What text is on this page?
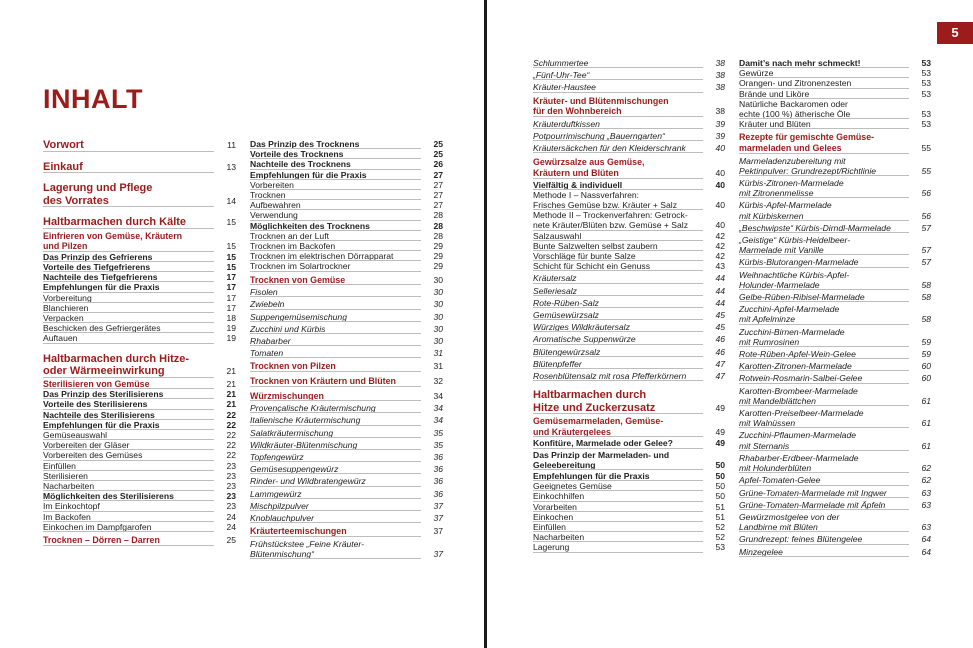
5
INHALT
Vorwort	11
Einkauf	13
Lagerung und Pflege
des Vorrates	14
Haltbarmachen durch Kälte	15
Einfrieren von Gemüse, Kräutern
und Pilzen	15
Das Prinzip des Gefrierens	15
Vorteile des Tiefgefrierens	15
Nachteile des Tiefgefrierens	17
Empfehlungen für die Praxis	17
Vorbereitung	17
Blanchieren	17
Verpacken	18
Beschicken des Gefriergerätes	19
Auftauen	19
Haltbarmachen durch Hitze-
oder Wärmeeinwirkung	21
Sterilisieren von Gemüse	21
Das Prinzip des Sterilisierens	21
Vorteile des Sterilisierens	21
Nachteile des Sterilisierens	22
Empfehlungen für die Praxis	22
Gemüseauswahl	22
Vorbereiten der Gläser	22
Vorbereiten des Gemüses	22
Einfüllen	23
Sterilisieren	23
Nacharbeiten	23
Möglichkeiten des Sterilisierens	23
Im Einkochtopf	23
Im Backofen	24
Einkochen im Dampfgarofen	24
Trocknen – Dörren – Darren	25
Das Prinzip des Trocknens	25
Vorteile des Trocknens	25
Nachteile des Trocknens	26
Empfehlungen für die Praxis	27
Vorbereiten	27
Trocknen	27
Aufbewahren	27
Verwendung	28
Möglichkeiten des Trocknens	28
Trocknen an der Luft	28
Trocknen im Backofen	29
Trocknen im elektrischen Dörrapparat	29
Trocknen im Solartrockner	29
Trocknen von Gemüse	30
Fisolen	30
Zwiebeln	30
Suppengemüsemischung	30
Zucchini und Kürbis	30
Rhabarber	30
Tomaten	31
Trocknen von Pilzen	31
Trocknen von Kräutern und Blüten	32
Würzmischungen	34
Provençalische Kräutermischung	34
Italienische Kräutermischung	34
Salatkräutermischung	35
Wildkräuter-Blütenmischung	35
Topfengewürz	36
Gemüsesuppengewürz	36
Rinder- und Wildbratengewürz	36
Lammgewürz	36
Mischpilzpulver	37
Knoblauchpulver	37
Kräuterteemischungen	37
Frühstückstee „Feine Kräuter-
Blütenmischung“	37
Schlummertee	38
„Fünf-Uhr-Tee“	38
Kräuter-Haustee	38
Kräuter- und Blütenmischungen
für den Wohnbereich	38
Kräuterduftkissen	39
Potpourrimischung „Bauerngarten“	39
Kräutersäckchen für den Kleiderschrank	40
Gewürzsalze aus Gemüse,
Kräutern und Blüten	40
Vielfältig & individuell	40
Methode I – Nassverfahren:
Frisches Gemüse bzw. Kräuter + Salz	40
Methode II – Trockenverfahren: Getrock-
nete Kräuter/Blüten bzw. Gemüse + Salz	40
Salzauswahl	42
Bunte Salzwelten selbst zaubern	42
Vorschläge für bunte Salze	42
Schicht für Schicht ein Genuss	43
Kräutersalz	44
Selleriesalz	44
Rote-Rüben-Salz	44
Gemüsewürzsalz	45
Würziges Wildkräutersalz	45
Aromatische Suppenwürze	46
Blütengewürzsalz	46
Blütenpfeffer	47
Rosenblütensalz mit rosa Pfefferkörnern	47
Haltbarmachen durch
Hitze und Zuckerzusatz	49
Gemüsemarmeladen, Gemüse-
und Kräutergelees	49
Konfitüre, Marmelade oder Gelee?	49
Das Prinzip der Marmeladen- und
Geleebereitung	50
Empfehlungen für die Praxis	50
Geeignetes Gemüse	50
Einkochhilfen	50
Vorarbeiten	51
Einkochen	51
Einfüllen	52
Nacharbeiten	52
Lagerung	53
Damit’s nach mehr schmeckt!	53
Gewürze	53
Orangen- und Zitronenzesten	53
Brände und Liköre	53
Natürliche Backaromen oder
echte (100 %) ätherische Öle	53
Kräuter und Blüten	53
Rezepte für gemischte Gemüse-
marmeladen und Gelees	55
Marmeladenzubereitung mit
Pektinpulver: Grundrezept/Richtlinie	55
Kürbis-Zitronen-Marmelade
mit Zitronenmelisse	56
Kürbis-Apfel-Marmelade
mit Kürbiskernen	56
„Beschwipste“ Kürbis-Dirndl-Marmelade	57
„Geistige“ Kürbis-Heidelbeer-
Marmelade mit Vanille	57
Kürbis-Blutorangen-Marmelade	57
Weihnachtliche Kürbis-Apfel-
Holunder-Marmelade	58
Gelbe-Rüben-Ribisel-Marmelade	58
Zucchini-Apfel-Marmelade
mit Apfelminze	58
Zucchini-Birnen-Marmelade
mit Rumrosinen	59
Rote-Rüben-Apfel-Wein-Gelee	59
Karotten-Zitronen-Marmelade	60
Rotwein-Rosmarin-Salbei-Gelee	60
Karotten-Brombeer-Marmelade
mit Mandelblättchen	61
Karotten-Preiselbeer-Marmelade
mit Walnüssen	61
Zucchini-Pflaumen-Marmelade
mit Sternanis	61
Rhabarber-Erdbeer-Marmelade
mit Holunderblüten	62
Apfel-Tomaten-Gelee	62
Grüne-Tomaten-Marmelade mit Ingwer	63
Grüne-Tomaten-Marmelade mit Äpfeln	63
Gewürzmostgelee von der
Landbirne mit Blüten	63
Grundrezept: feines Blütengelee	64
Minzegelee	64
